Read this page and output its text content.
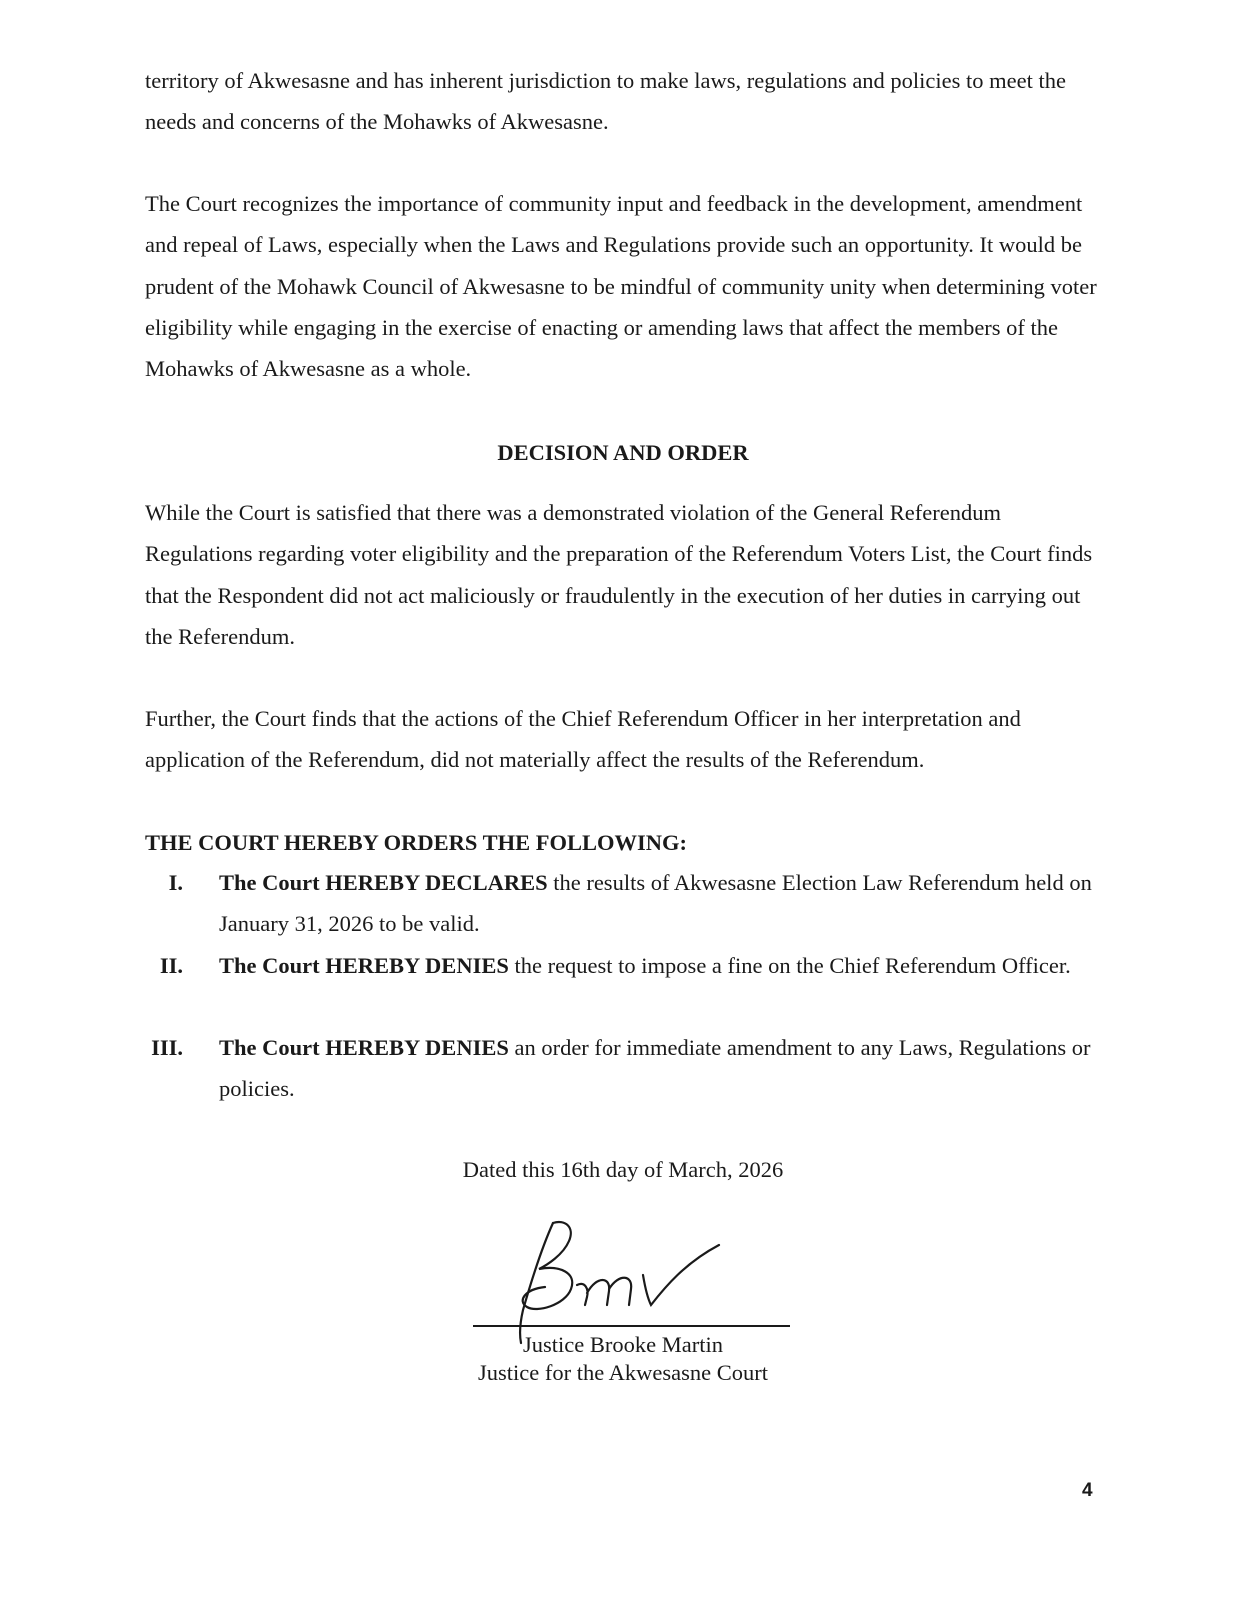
territory of Akwesasne and has inherent jurisdiction to make laws, regulations and policies to meet the needs and concerns of the Mohawks of Akwesasne.

The Court recognizes the importance of community input and feedback in the development, amendment and repeal of Laws, especially when the Laws and Regulations provide such an opportunity. It would be prudent of the Mohawk Council of Akwesasne to be mindful of community unity when determining voter eligibility while engaging in the exercise of enacting or amending laws that affect the members of the Mohawks of Akwesasne as a whole.

DECISION AND ORDER

While the Court is satisfied that there was a demonstrated violation of the General Referendum Regulations regarding voter eligibility and the preparation of the Referendum Voters List, the Court finds that the Respondent did not act maliciously or fraudulently in the execution of her duties in carrying out the Referendum.

Further, the Court finds that the actions of the Chief Referendum Officer in her interpretation and application of the Referendum, did not materially affect the results of the Referendum.

THE COURT HEREBY ORDERS THE FOLLOWING:

I. The Court HEREBY DECLARES the results of Akwesasne Election Law Referendum held on January 31, 2026 to be valid.
II. The Court HEREBY DENIES the request to impose a fine on the Chief Referendum Officer.
III. The Court HEREBY DENIES an order for immediate amendment to any Laws, Regulations or policies.

Dated this 16th day of March, 2026

Justice Brooke Martin

Justice for the Akwesasne Court

4
